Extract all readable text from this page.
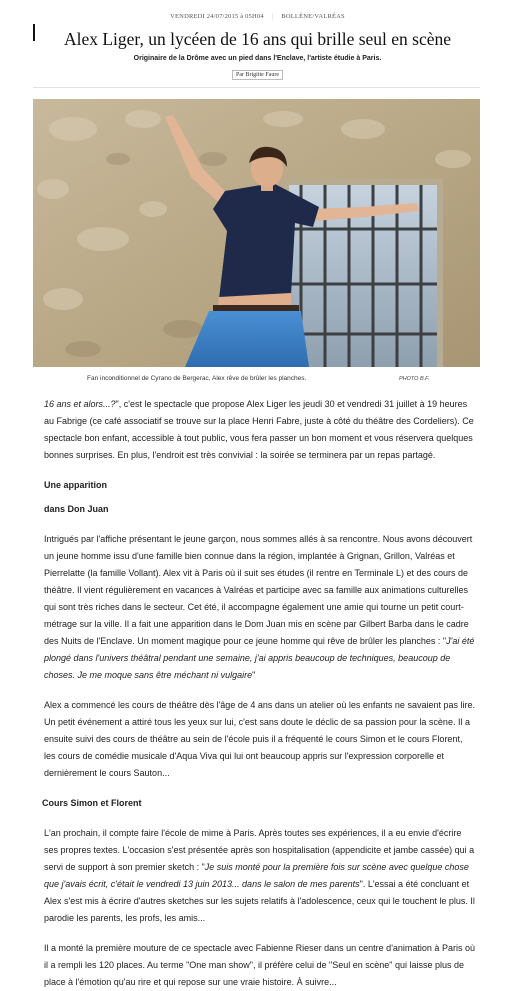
VENDREDI 24/07/2015 à 05H04 | BOLLÈNE/VALRÉAS
Alex Liger, un lycéen de 16 ans qui brille seul en scène
Originaire de la Drôme avec un pied dans l'Enclave, l'artiste étudie à Paris.
Par Brigitte Faure
Fan inconditionnel de Cyrano de Bergerac, Alex rêve de brûler les planches.	PHOTO B.F.

16 ans et alors...?", c'est le spectacle que propose Alex Liger les jeudi 30 et vendredi 31 juillet à 19 heures au Fabrige (ce café associatif se trouve sur la place Henri Fabre, juste à côté du théâtre des Cordeliers). Ce spectacle bon enfant, accessible à tout public, vous fera passer un bon moment et vous réservera quelques bonnes surprises. En plus, l'endroit est très convivial : la soirée se terminera par un repas partagé.

Une apparition

dans Don Juan

Intrigués par l'affiche présentant le jeune garçon, nous sommes allés à sa rencontre. Nous avons découvert un jeune homme issu d'une famille bien connue dans la région, implantée à Grignan, Grillon, Valréas et Pierrelatte (la famille Vollant). Alex vit à Paris où il suit ses études (il rentre en Terminale L) et des cours de théâtre. Il vient régulièrement en vacances à Valréas et participe avec sa famille aux animations culturelles qui sont très riches dans le secteur. Cet été, il accompagne également une amie qui tourne un petit court-métrage sur la ville. Il a fait une apparition dans le Dom Juan mis en scène par Gilbert Barba dans le cadre des Nuits de l'Enclave. Un moment magique pour ce jeune homme qui rêve de brûler les planches : "J'ai été plongé dans l'univers théâtral pendant une semaine, j'ai appris beaucoup de techniques, beaucoup de choses. Je me moque sans être méchant ni vulgaire"

Alex a commencé les cours de théâtre dès l'âge de 4 ans dans un atelier où les enfants ne savaient pas lire. Un petit événement a attiré tous les yeux sur lui, c'est sans doute le déclic de sa passion pour la scène. Il a ensuite suivi des cours de théâtre au sein de l'école puis il a fréquenté le cours Simon et le cours Florent, les cours de comédie musicale d'Aqua Viva qui lui ont beaucoup appris sur l'expression corporelle et dernièrement le cours Sauton...

Cours Simon et Florent

L'an prochain, il compte faire l'école de mime à Paris. Après toutes ses expériences, il a eu envie d'écrire ses propres textes. L'occasion s'est présentée après son hospitalisation (appendicite et jambe cassée) qui a servi de support à son premier sketch : "Je suis monté pour la première fois sur scène avec quelque chose que j'avais écrit, c'était le vendredi 13 juin 2013... dans le salon de mes parents". L'essai a été concluant et Alex s'est mis à écrire d'autres sketches sur les sujets relatifs à l'adolescence, ceux qui le touchent le plus. Il parodie les parents, les profs, les amis...

Il a monté la première mouture de ce spectacle avec Fabienne Rieser dans un centre d'animation à Paris où il a rempli les 120 places. Au terme "One man show", il préfère celui de "Seul en scène" qui laisse plus de place à l'émotion qu'au rire et qui repose sur une vraie histoire. À suivre...
